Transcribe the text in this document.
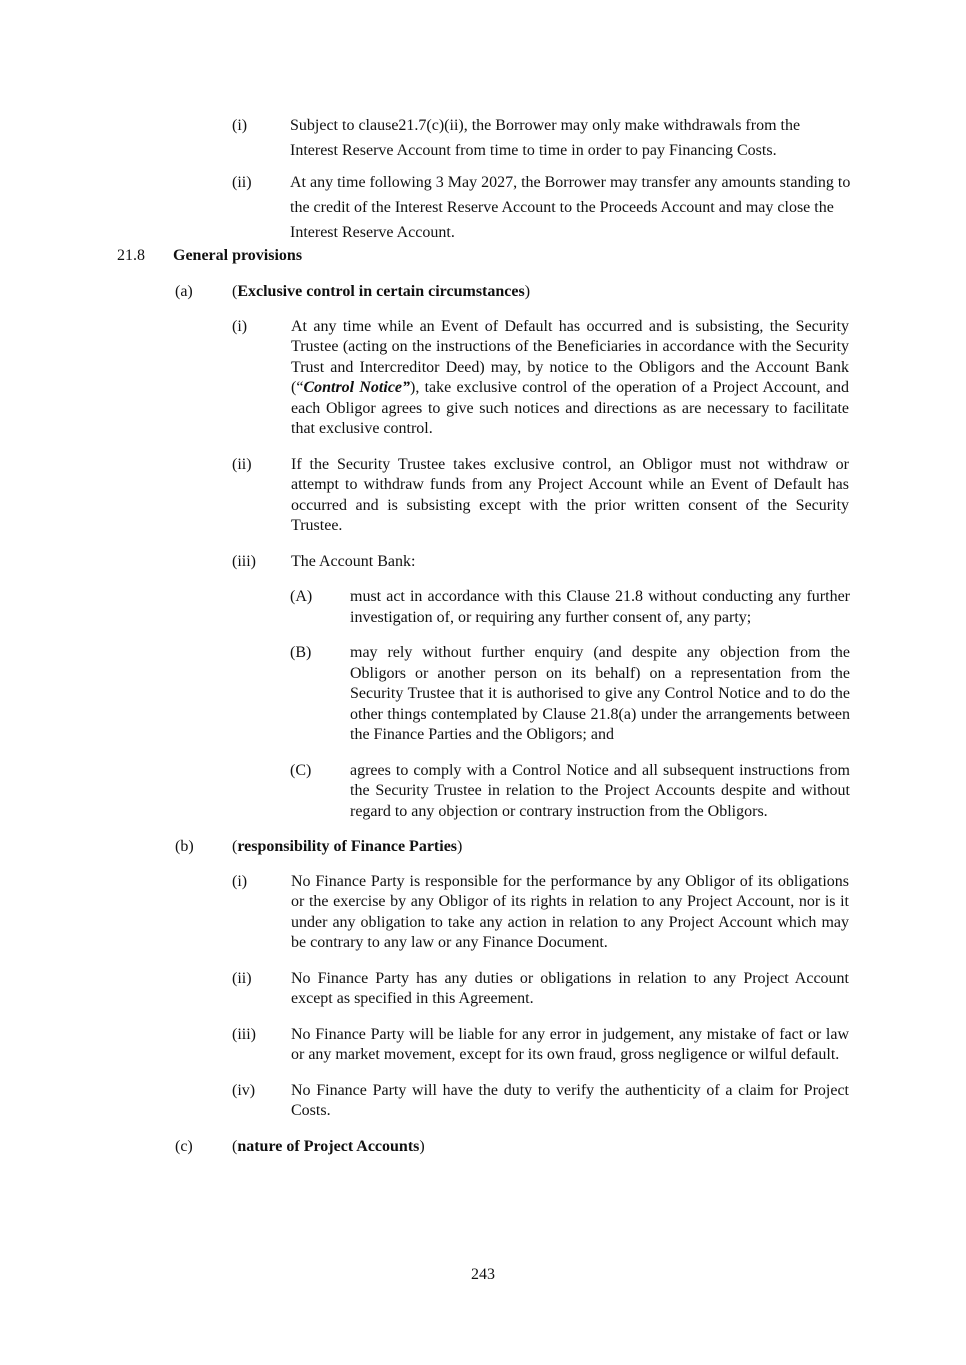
(i)	Subject to clause21.7(c)(ii), the Borrower may only make withdrawals from the Interest Reserve Account from time to time in order to pay Financing Costs.
(ii)	At any time following 3 May 2027, the Borrower may transfer any amounts standing to the credit of the Interest Reserve Account to the Proceeds Account and may close the Interest Reserve Account.
21.8	General provisions
(a)	(Exclusive control in certain circumstances)
(i)	At any time while an Event of Default has occurred and is subsisting, the Security Trustee (acting on the instructions of the Beneficiaries in accordance with the Security Trust and Intercreditor Deed) may, by notice to the Obligors and the Account Bank (“Control Notice”), take exclusive control of the operation of a Project Account, and each Obligor agrees to give such notices and directions as are necessary to facilitate that exclusive control.
(ii)	If the Security Trustee takes exclusive control, an Obligor must not withdraw or attempt to withdraw funds from any Project Account while an Event of Default has occurred and is subsisting except with the prior written consent of the Security Trustee.
(iii)	The Account Bank:
(A)	must act in accordance with this Clause 21.8 without conducting any further investigation of, or requiring any further consent of, any party;
(B)	may rely without further enquiry (and despite any objection from the Obligors or another person on its behalf) on a representation from the Security Trustee that it is authorised to give any Control Notice and to do the other things contemplated by Clause 21.8(a) under the arrangements between the Finance Parties and the Obligors; and
(C)	agrees to comply with a Control Notice and all subsequent instructions from the Security Trustee in relation to the Project Accounts despite and without regard to any objection or contrary instruction from the Obligors.
(b)	(responsibility of Finance Parties)
(i)	No Finance Party is responsible for the performance by any Obligor of its obligations or the exercise by any Obligor of its rights in relation to any Project Account, nor is it under any obligation to take any action in relation to any Project Account which may be contrary to any law or any Finance Document.
(ii)	No Finance Party has any duties or obligations in relation to any Project Account except as specified in this Agreement.
(iii)	No Finance Party will be liable for any error in judgement, any mistake of fact or law or any market movement, except for its own fraud, gross negligence or wilful default.
(iv)	No Finance Party will have the duty to verify the authenticity of a claim for Project Costs.
(c)	(nature of Project Accounts)
243
